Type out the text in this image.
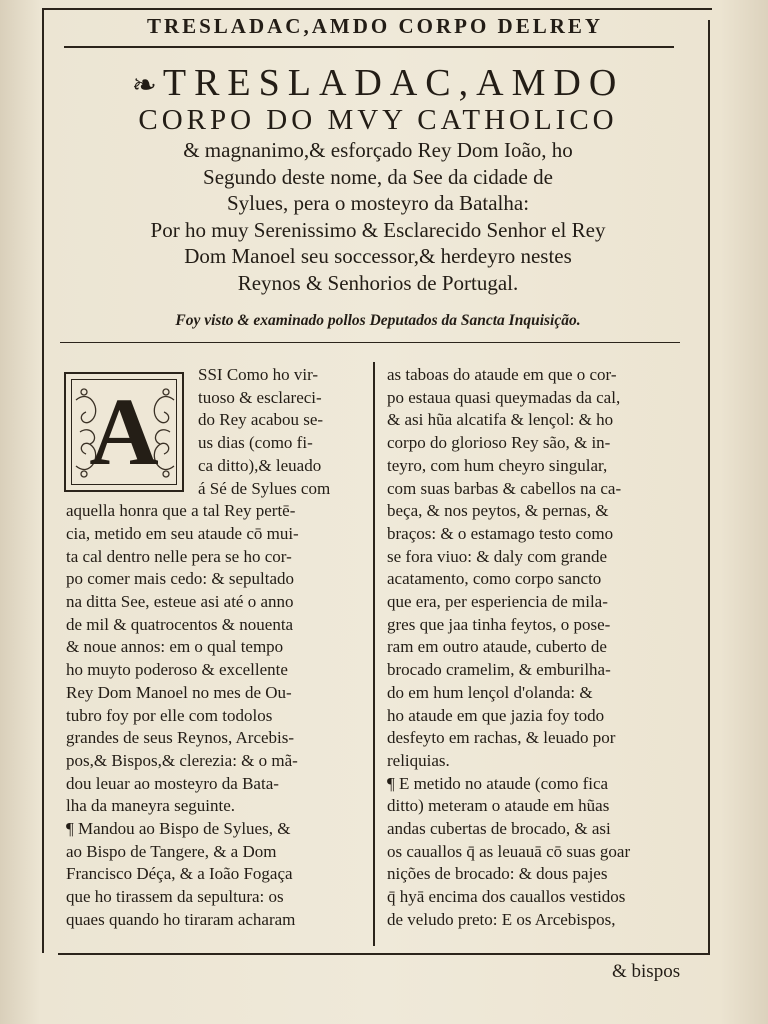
TRESLADAC,AMDO CORPO DELREY
❧ TRESLADAC,AMDO
CORPO DO MVY CATHOLICO
& magnanimo,& esforçado Rey Dom Ioão, ho
Segundo deste nome, da See da cidade de
Sylues, pera o mosteyro da Batalha:
Por ho muy Serenissimo & Esclarecido Senhor el Rey
Dom Manoel seu soccessor,& herdeyro nestes
Reynos & Senhorios de Portugal.
Foy visto & examinado pollos Deputados da Sancta Inquisição.
A
SSI Como ho vir-
tuoso & esclareci-
do Rey acabou se-
us dias (como fi-
ca ditto),& leuado
á Sé de Sylues com
aquella honra que a tal Rey pertē-
cia, metido em seu ataude cō mui-
ta cal dentro nelle pera se ho cor-
po comer mais cedo: & sepultado
na ditta See, esteue asi até o anno
de mil & quatrocentos & nouenta
& noue annos: em o qual tempo
ho muyto poderoso & excellente
Rey Dom Manoel no mes de Ou-
tubro foy por elle com todolos
grandes de seus Reynos, Arcebis-
pos,& Bispos,& clerezia: & o mã-
dou leuar ao mosteyro da Bata-
lha da maneyra seguinte.
¶ Mandou ao Bispo de Sylues, &
ao Bispo de Tangere, & a Dom
Francisco Déça, & a Ioão Fogaça
que ho tirassem da sepultura: os
quaes quando ho tiraram acharam
as taboas do ataude em que o cor-
po estaua quasi queymadas da cal,
& asi hũa alcatifa & lençol: & ho
corpo do glorioso Rey são, & in-
teyro, com hum cheyro singular,
com suas barbas & cabellos na ca-
beça, & nos peytos, & pernas, &
braços: & o estamago testo como
se fora viuo: & daly com grande
acatamento, como corpo sancto
que era, per esperiencia de mila-
gres que jaa tinha feytos, o pose-
ram em outro ataude, cuberto de
brocado cramelim, & emburilha-
do em hum lençol d'olanda: &
ho ataude em que jazia foy todo
desfeyto em rachas, & leuado por
reliquias.
¶ E metido no ataude (como fica
ditto) meteram o ataude em hũas
andas cubertas de brocado, & asi
os cauallos q̄ as leuauā cō suas goar
nições de brocado: & dous pajes
q̄ hyā encima dos cauallos vestidos
de veludo preto: E os Arcebispos,
& bispos
